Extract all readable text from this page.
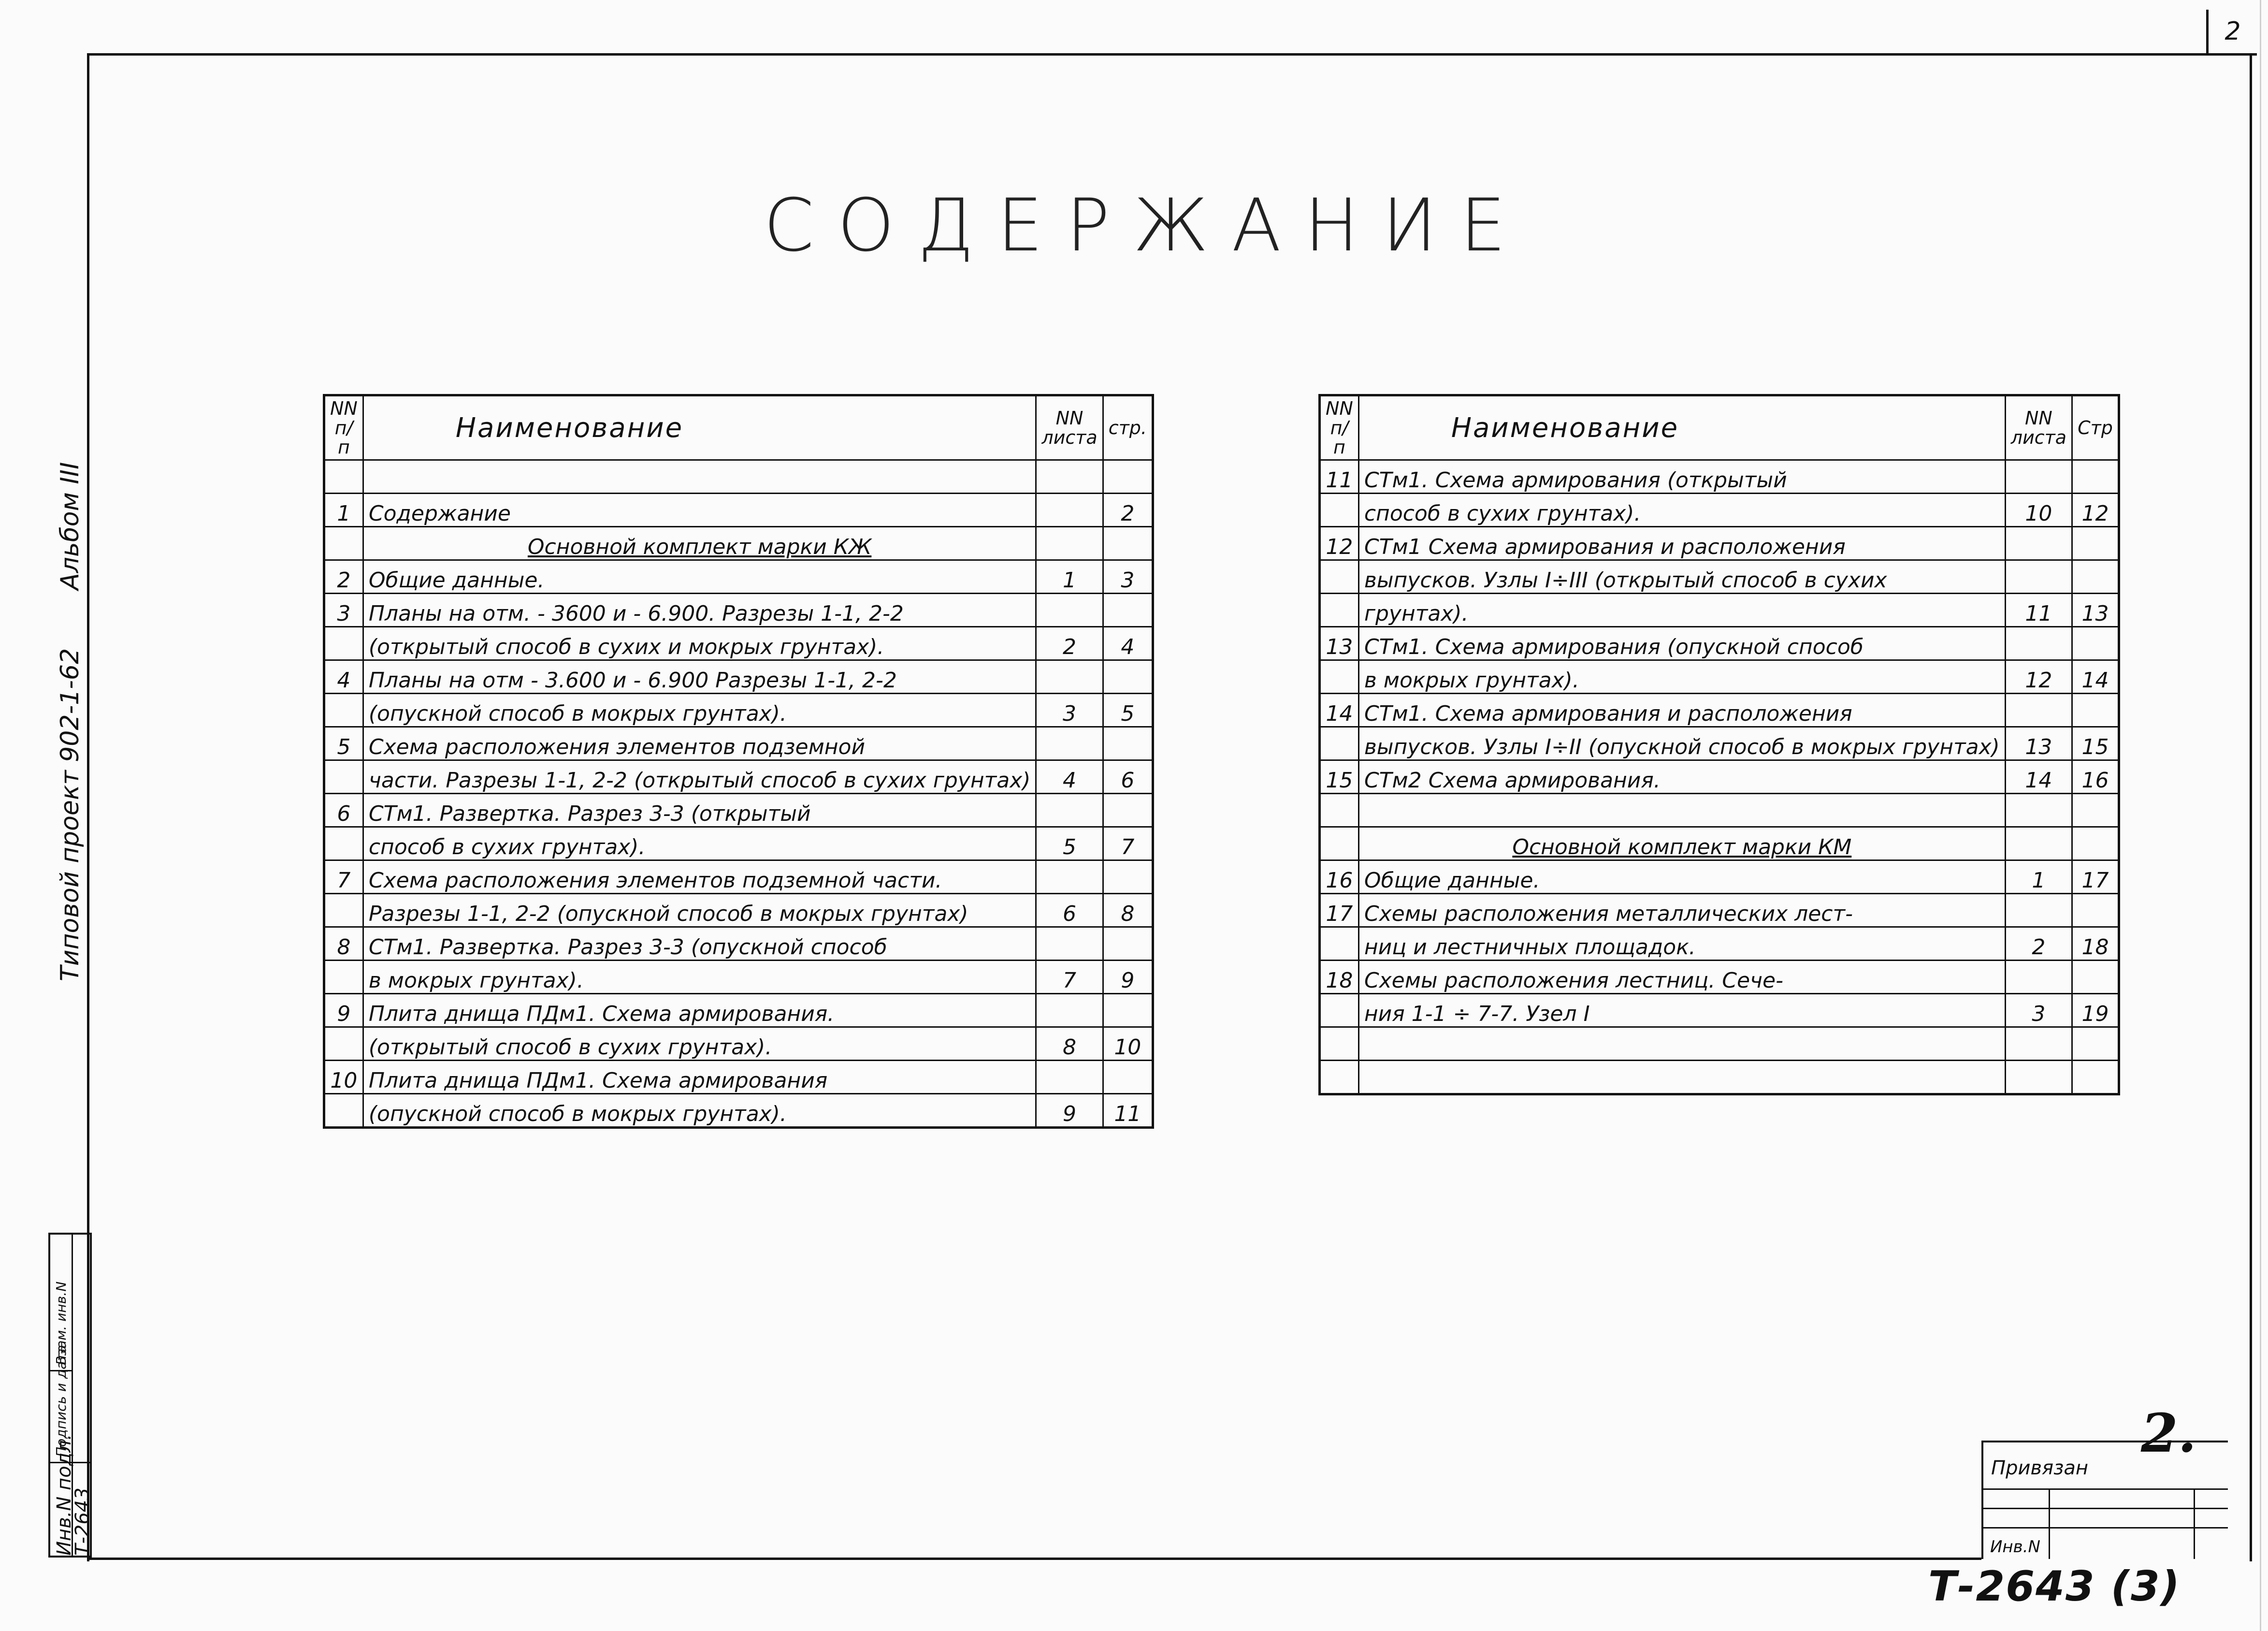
2
СОДЕРЖАНИЕ
Типовой проект 902-1-62
Альбом III
NN п/п	Наименование	NN листа	стр.

1	Содержание		2
	Основной комплект марки КЖ		
2	Общие данные.	1	3
3	Планы на отм. - 3600 и - 6.900. Разрезы 1-1, 2-2		
	(открытый способ в сухих и мокрых грунтах).	2	4
4	Планы на отм - 3.600 и - 6.900 Разрезы 1-1, 2-2		
	(опускной способ в мокрых грунтах).	3	5
5	Схема расположения элементов подземной		
	части. Разрезы 1-1, 2-2 (открытый способ в сухих грунтах)	4	6
6	СТм1. Развертка. Разрез 3-3 (открытый		
	способ в сухих грунтах).	5	7
7	Схема расположения элементов подземной части.		
	Разрезы 1-1, 2-2 (опускной способ в мокрых грунтах)	6	8
8	СТм1. Развертка. Разрез 3-3 (опускной способ		
	в мокрых грунтах).	7	9
9	Плита днища ПДм1. Схема армирования.		
	(открытый способ в сухих грунтах).	8	10
10	Плита днища ПДм1. Схема армирования		
	(опускной способ в мокрых грунтах).	9	11
NN п/п	Наименование	NN листа	Стр
11	СТм1. Схема армирования (открытый		
	способ в сухих грунтах).	10	12
12	СТм1 Схема армирования и расположения		
	выпусков. Узлы I÷III (открытый способ в сухих		
	грунтах).	11	13
13	СТм1. Схема армирования (опускной способ		
	в мокрых грунтах).	12	14
14	СТм1. Схема армирования и расположения		
	выпусков. Узлы I÷II (опускной способ в мокрых грунтах)	13	15
15	СТм2 Схема армирования.	14	16

	Основной комплект марки КМ		
16	Общие данные.	1	17
17	Схемы расположения металлических лест-		
	ниц и лестничных площадок.	2	18
18	Схемы расположения лестниц. Сече-		
	ния 1-1 ÷ 7-7. Узел I	3	19

Инв.N подл.
Т-2643
Подпись и дата
Взам. инв.N
2.
Привязан
Инв.N
Т-2643 (3)
